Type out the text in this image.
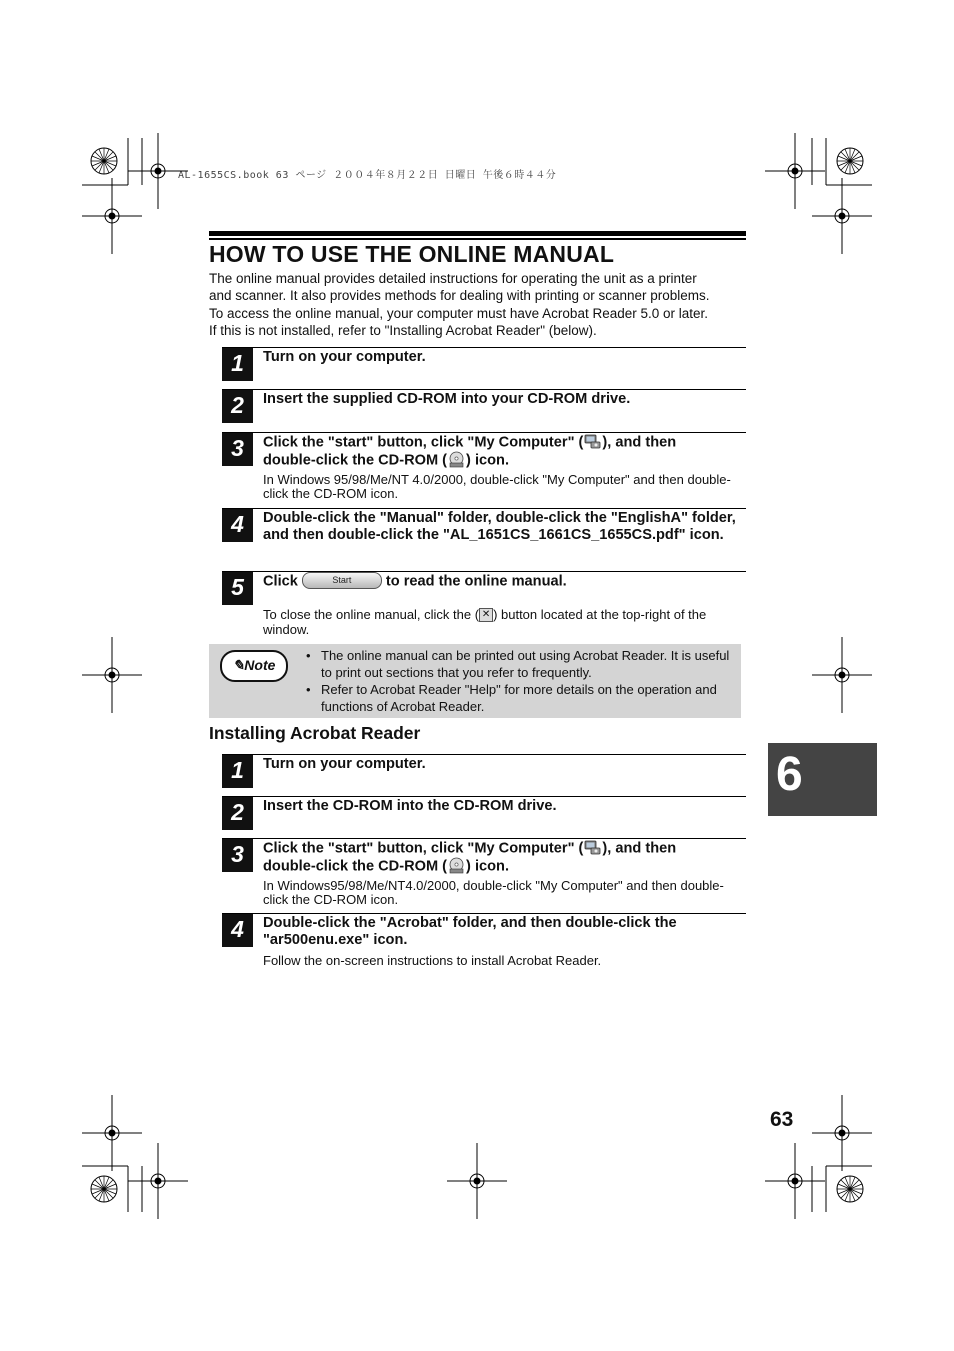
AL-1655CS.book 63 ページ ２００４年８月２２日 日曜日 午後６時４４分
HOW TO USE THE ONLINE MANUAL
The online manual provides detailed instructions for operating the unit as a printer
and scanner. It also provides methods for dealing with printing or scanner problems.
To access the online manual, your computer must have Acrobat Reader 5.0 or later.
If this is not installed, refer to "Installing Acrobat Reader" (below).
1	Turn on your computer.
2	Insert the supplied CD-ROM into your CD-ROM drive.
3	Click the "start" button, click "My Computer" ( ), and then
double-click the CD-ROM ( ) icon.
In Windows 95/98/Me/NT 4.0/2000, double-click "My Computer" and then double-click the CD-ROM icon.
4	Double-click the "Manual" folder, double-click the "EnglishA" folder, and then double-click the "AL_1651CS_1661CS_1655CS.pdf" icon.
5	Click	Start to read the online manual.
To close the online manual, click the ( ✕ ) button located at the top-right of the window.
✎Note
• The online manual can be printed out using Acrobat Reader. It is useful to print out sections that you refer to frequently.
• Refer to Acrobat Reader "Help" for more details on the operation and functions of Acrobat Reader.
Installing Acrobat Reader
1	Turn on your computer.
2	Insert the CD-ROM into the CD-ROM drive.
3	Click the "start" button, click "My Computer" ( ), and then
double-click the CD-ROM ( ) icon.
In Windows95/98/Me/NT4.0/2000, double-click "My Computer" and then double-click the CD-ROM icon.
4	Double-click the "Acrobat" folder, and then double-click the "ar500enu.exe" icon.
Follow the on-screen instructions to install Acrobat Reader.
6
63
